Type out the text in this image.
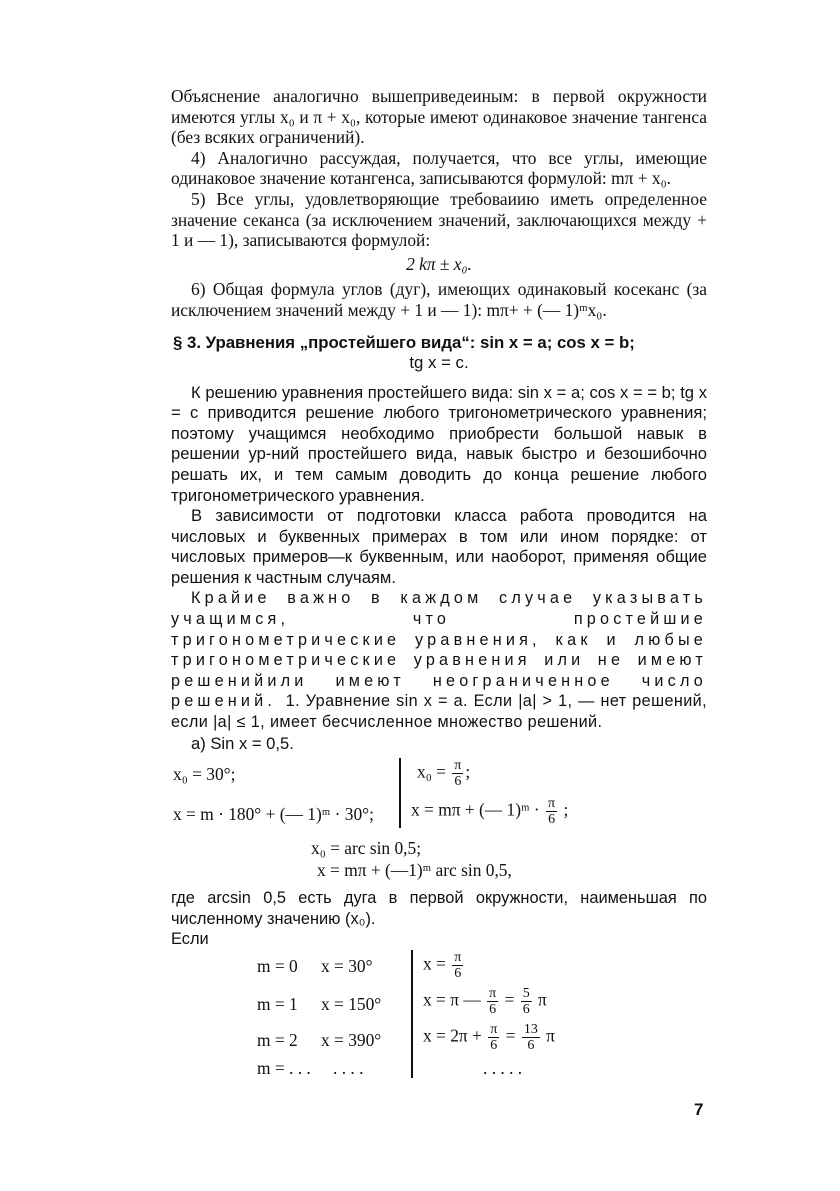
Объяснение аналогично вышеприведеиным: в первой окружности имеются углы x₀ и π + x₀, которые имеют одинаковое значение тангенса (без всяких ограничений).

4) Аналогично рассуждая, получается, что все углы, имеющие одинаковое значение котангенса, записываются формулой: mπ + x₀.

5) Все углы, удовлетворяющие требоваиию иметь определенное значение секанса (за исключением значений, заключающихся между + 1 и — 1), записываются формулой:

2 kπ ± x₀.

6) Общая формула углов (дуг), имеющих одинаковый косеканс (за исключением значений между + 1 и — 1): mπ+ + (— 1)ᵐx₀.

§ 3. Уравнения „простейшего вида“: sin x = a; cos x = b;
tg x = c.

К решению уравнения простейшего вида: sin x = a; cos x = = b; tg x = c приводится решение любого тригонометрического уравнения; поэтому учащимся необходимо приобрести большой навык в решении ур-ний простейшего вида, навык быстро и безошибочно решать их, и тем самым доводить до конца решение любого тригонометрического уравнения.

В зависимости от подготовки класса работа проводится на числовых и буквенных примерах в том или ином порядке: от числовых примеров—к буквенным, или наоборот, применяя общие решения к частным случаям.

Крайие важно в каждом случае указывать учащимся, что простейшие тригонометрические уравнения, как и любые тригонометрические уравнения или не имеют решенийили имеют неограниченное число решений. 1. Уравнение sin x = a. Если |a| > 1, — нет решений, если |a| ≤ 1, имеет бесчисленное множество решений.

а) Sin x = 0,5.

x₀ = 30°;
x = m · 180° + (— 1)ᵐ · 30°;
$x_0 = \frac{\pi}{6}$ ;
x = mπ + (— 1)ᵐ · $\frac{\pi}{6}$ ;
x₀ = arc sin 0,5;
x = mπ + (—1)ᵐ arc sin 0,5,

где arcsin 0,5 есть дуга в первой окружности, наименьшая по численному значению (x₀).

Если

m = 0 x = 30°	$x = \frac{\pi}{6}$
m = 1 x = 150° x = π — $\frac{\pi}{6} = \frac{5}{6}$ π
m = 2 x = 390° $x = 2\pi + \frac{\pi}{6} = \frac{13}{6}$ π
m = . . . . . . .	. . . . .
7
